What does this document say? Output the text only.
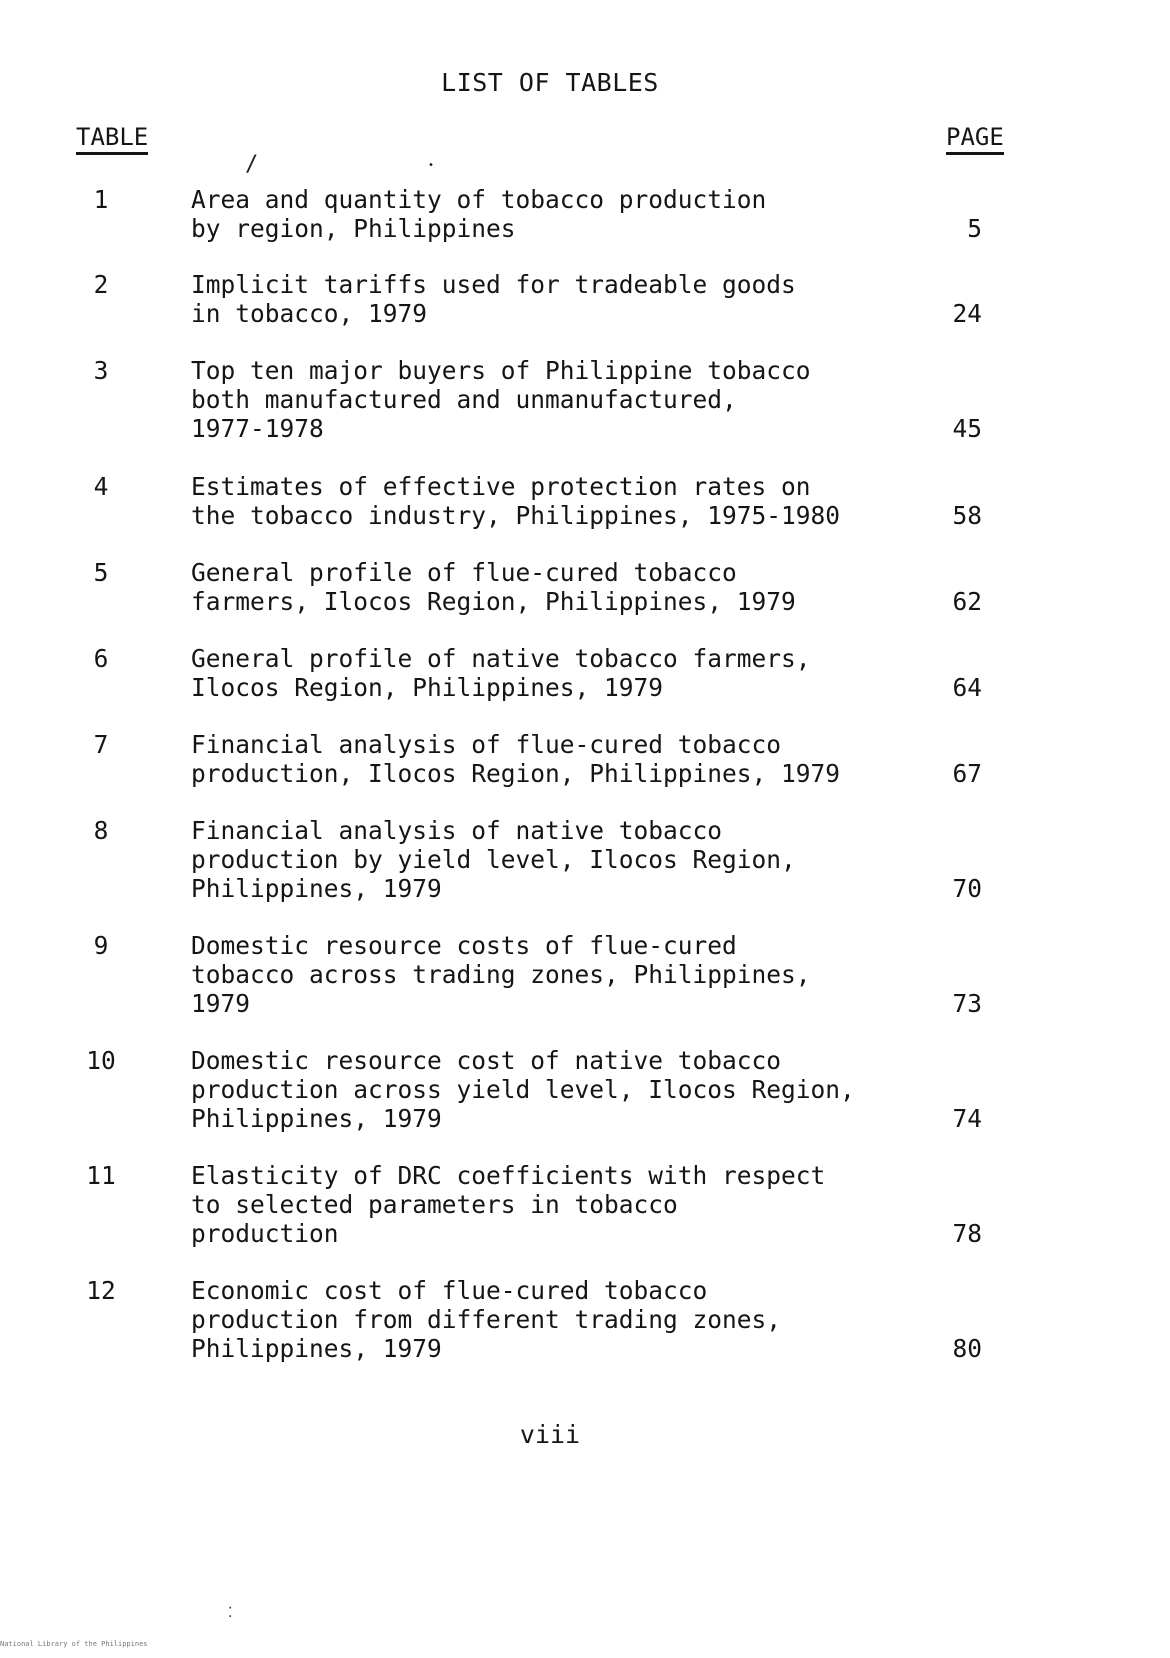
LIST OF TABLES
TABLE	PAGE
1	Area and quantity of tobacco production
by region, Philippines	5
2	Implicit tariffs used for tradeable goods
in tobacco, 1979	24
3	Top ten major buyers of Philippine tobacco
both manufactured and unmanufactured,
1977-1978	45
4	Estimates of effective protection rates on
the tobacco industry, Philippines, 1975-1980	58
5	General profile of flue-cured tobacco
farmers, Ilocos Region, Philippines, 1979	62
6	General profile of native tobacco farmers,
Ilocos Region, Philippines, 1979	64
7	Financial analysis of flue-cured tobacco
production, Ilocos Region, Philippines, 1979	67
8	Financial analysis of native tobacco
production by yield level, Ilocos Region,
Philippines, 1979	70
9	Domestic resource costs of flue-cured
tobacco across trading zones, Philippines,
1979	73
10	Domestic resource cost of native tobacco
production across yield level, Ilocos Region,
Philippines, 1979	74
11	Elasticity of DRC coefficients with respect
to selected parameters in tobacco
production	78
12	Economic cost of flue-cured tobacco
production from different trading zones,
Philippines, 1979	80
viii
/	•
⁚
National Library of the Philippines
